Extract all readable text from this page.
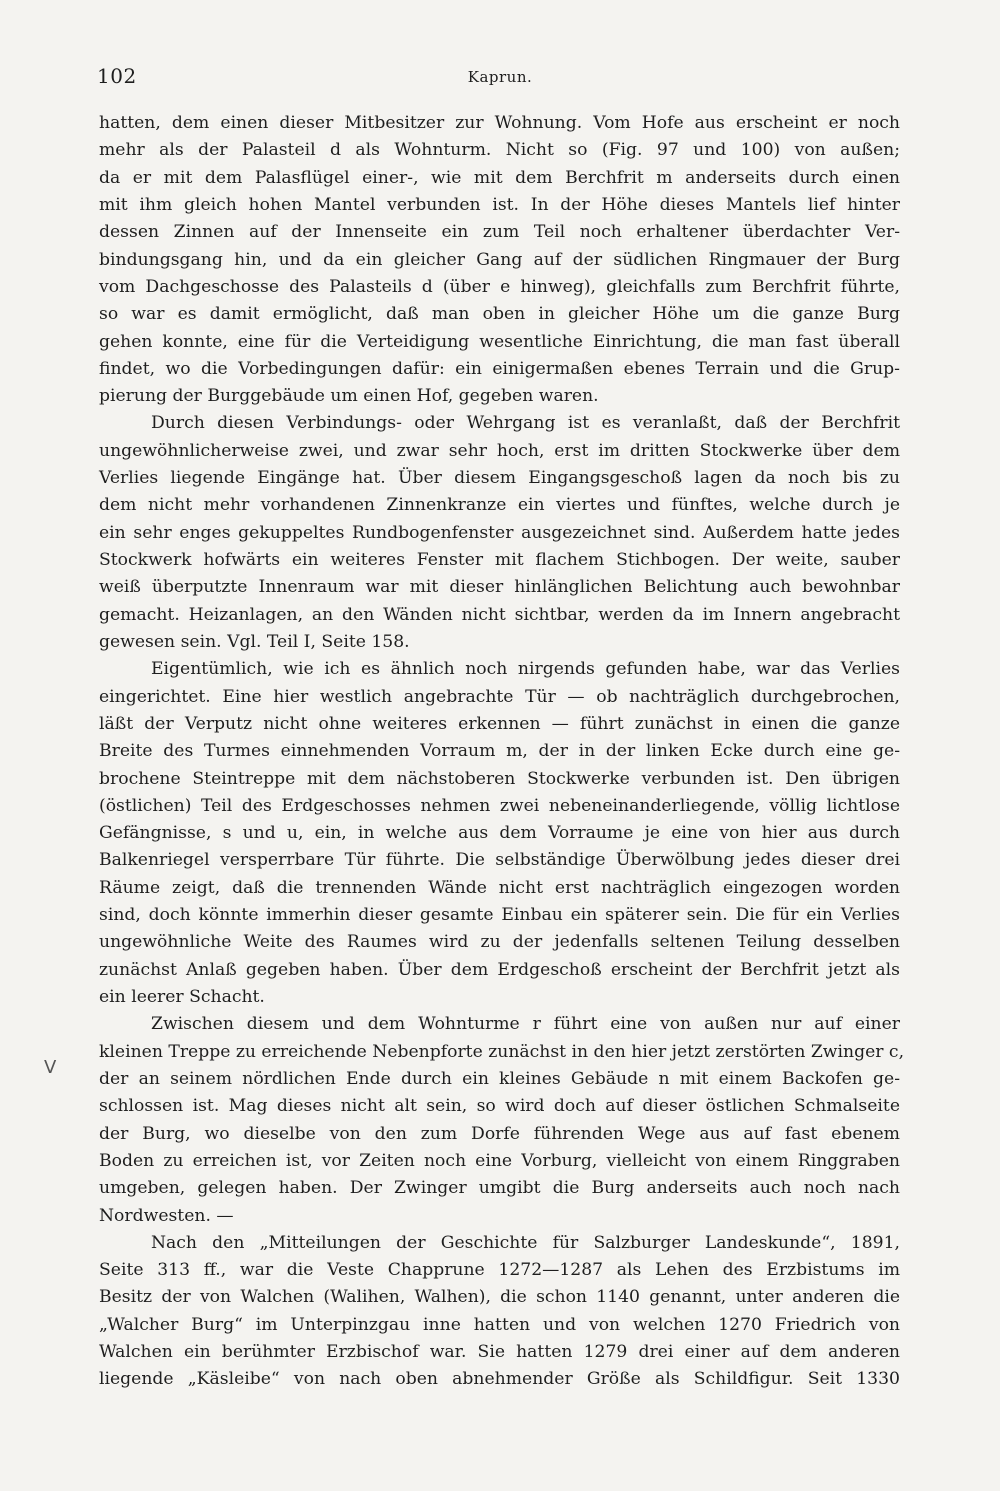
102	Kaprun.
ᐯ
hatten, dem einen dieser Mitbesitzer zur Wohnung. Vom Hofe aus erscheint er noch
mehr als der Palasteil d als Wohnturm. Nicht so (Fig. 97 und 100) von außen;
da er mit dem Palasflügel einer-, wie mit dem Berchfrit m anderseits durch einen
mit ihm gleich hohen Mantel verbunden ist. In der Höhe dieses Mantels lief hinter
dessen Zinnen auf der Innenseite ein zum Teil noch erhaltener überdachter Ver-
bindungsgang hin, und da ein gleicher Gang auf der südlichen Ringmauer der Burg
vom Dachgeschosse des Palasteils d (über e hinweg), gleichfalls zum Berchfrit führte,
so war es damit ermöglicht, daß man oben in gleicher Höhe um die ganze Burg
gehen konnte, eine für die Verteidigung wesentliche Einrichtung, die man fast überall
findet, wo die Vorbedingungen dafür: ein einigermaßen ebenes Terrain und die Grup-
pierung der Burggebäude um einen Hof, gegeben waren.
Durch diesen Verbindungs- oder Wehrgang ist es veranlaßt, daß der Berchfrit
ungewöhnlicherweise zwei, und zwar sehr hoch, erst im dritten Stockwerke über dem
Verlies liegende Eingänge hat. Über diesem Eingangsgeschoß lagen da noch bis zu
dem nicht mehr vorhandenen Zinnenkranze ein viertes und fünftes, welche durch je
ein sehr enges gekuppeltes Rundbogenfenster ausgezeichnet sind. Außerdem hatte jedes
Stockwerk hofwärts ein weiteres Fenster mit flachem Stichbogen. Der weite, sauber
weiß überputzte Innenraum war mit dieser hinlänglichen Belichtung auch bewohnbar
gemacht. Heizanlagen, an den Wänden nicht sichtbar, werden da im Innern angebracht
gewesen sein. Vgl. Teil I, Seite 158.
Eigentümlich, wie ich es ähnlich noch nirgends gefunden habe, war das Verlies
eingerichtet. Eine hier westlich angebrachte Tür — ob nachträglich durchgebrochen,
läßt der Verputz nicht ohne weiteres erkennen — führt zunächst in einen die ganze
Breite des Turmes einnehmenden Vorraum m, der in der linken Ecke durch eine ge-
brochene Steintreppe mit dem nächstoberen Stockwerke verbunden ist. Den übrigen
(östlichen) Teil des Erdgeschosses nehmen zwei nebeneinanderliegende, völlig lichtlose
Gefängnisse, s und u, ein, in welche aus dem Vorraume je eine von hier aus durch
Balkenriegel versperrbare Tür führte. Die selbständige Überwölbung jedes dieser drei
Räume zeigt, daß die trennenden Wände nicht erst nachträglich eingezogen worden
sind, doch könnte immerhin dieser gesamte Einbau ein späterer sein. Die für ein Verlies
ungewöhnliche Weite des Raumes wird zu der jedenfalls seltenen Teilung desselben
zunächst Anlaß gegeben haben. Über dem Erdgeschoß erscheint der Berchfrit jetzt als
ein leerer Schacht.
Zwischen diesem und dem Wohnturme r führt eine von außen nur auf einer
kleinen Treppe zu erreichende Nebenpforte zunächst in den hier jetzt zerstörten Zwinger c,
der an seinem nördlichen Ende durch ein kleines Gebäude n mit einem Backofen ge-
schlossen ist. Mag dieses nicht alt sein, so wird doch auf dieser östlichen Schmalseite
der Burg, wo dieselbe von den zum Dorfe führenden Wege aus auf fast ebenem
Boden zu erreichen ist, vor Zeiten noch eine Vorburg, vielleicht von einem Ringgraben
umgeben, gelegen haben. Der Zwinger umgibt die Burg anderseits auch noch nach
Nordwesten. —
Nach den „Mitteilungen der Geschichte für Salzburger Landeskunde“, 1891,
Seite 313 ff., war die Veste Chapprune 1272—1287 als Lehen des Erzbistums im
Besitz der von Walchen (Walihen, Walhen), die schon 1140 genannt, unter anderen die
„Walcher Burg“ im Unterpinzgau inne hatten und von welchen 1270 Friedrich von
Walchen ein berühmter Erzbischof war. Sie hatten 1279 drei einer auf dem anderen
liegende „Käsleibe“ von nach oben abnehmender Größe als Schildfigur. Seit 1330
